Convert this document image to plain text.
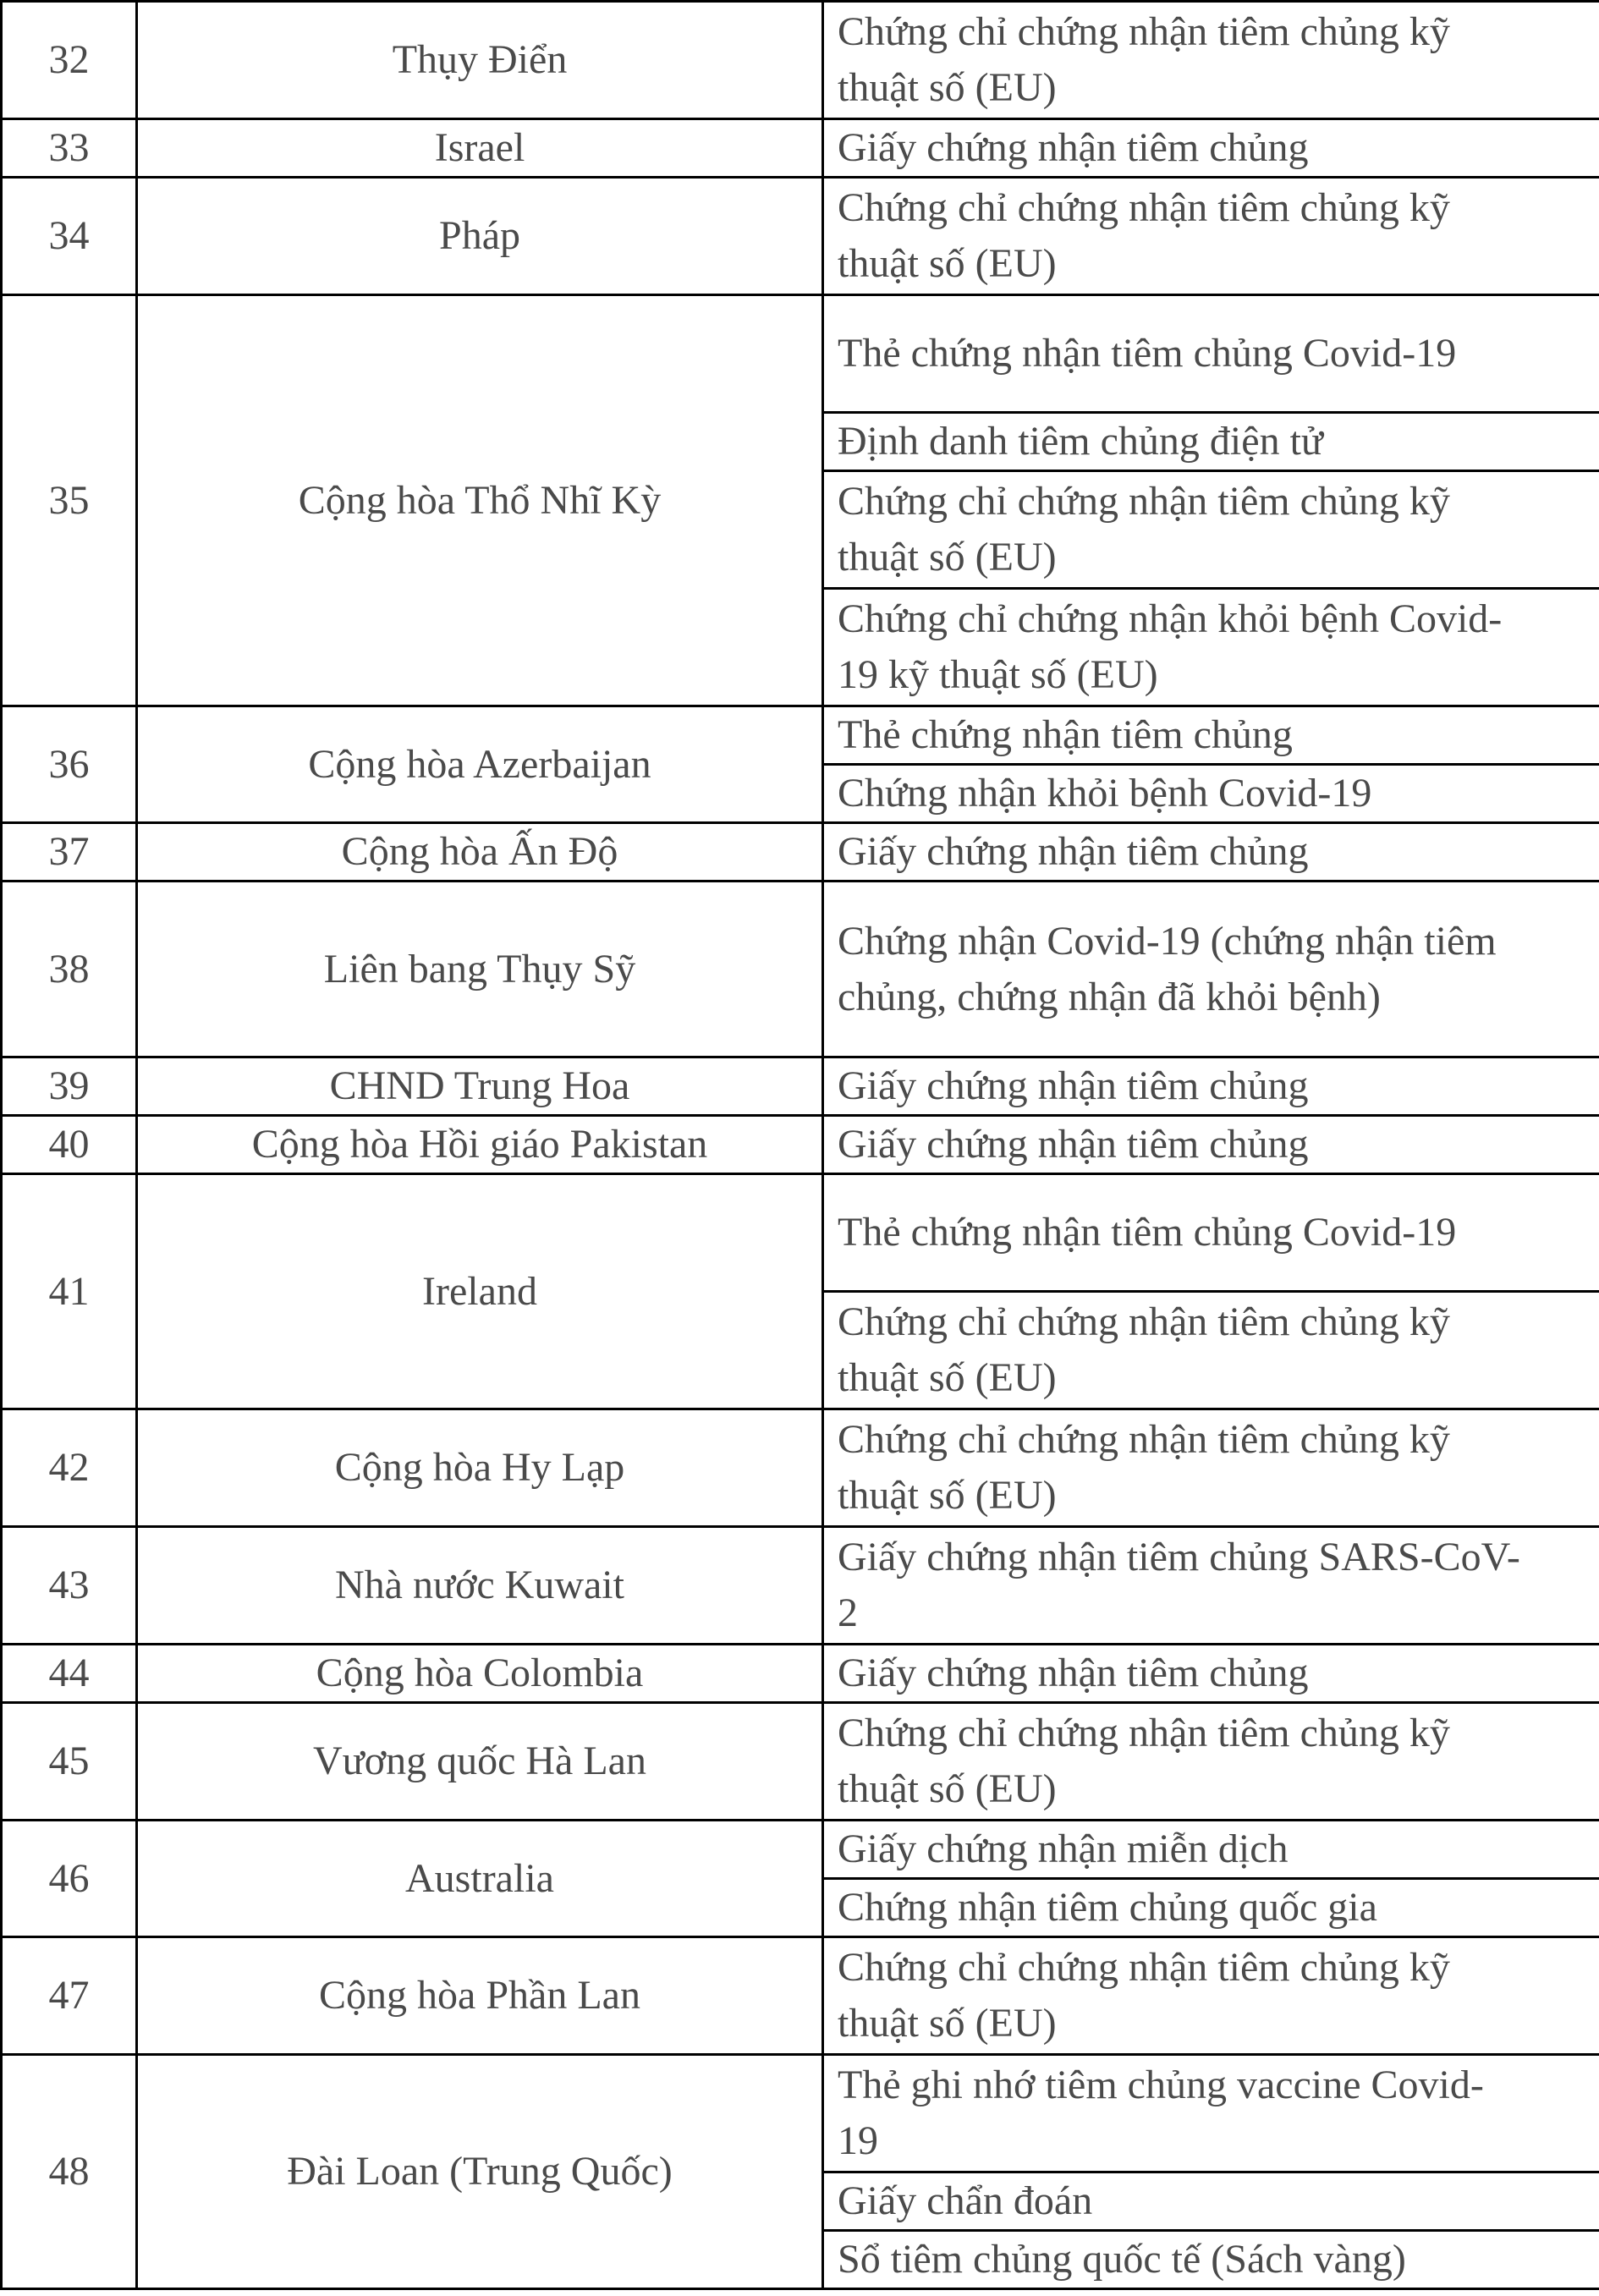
32	Thụy Điển	Chứng chỉ chứng nhận tiêm chủng kỹ
thuật số (EU)
33	Israel	Giấy chứng nhận tiêm chủng
34	Pháp	Chứng chỉ chứng nhận tiêm chủng kỹ
thuật số (EU)
35	Cộng hòa Thổ Nhĩ Kỳ	Thẻ chứng nhận tiêm chủng Covid-19
		Định danh tiêm chủng điện tử
		Chứng chỉ chứng nhận tiêm chủng kỹ
thuật số (EU)
		Chứng chỉ chứng nhận khỏi bệnh Covid-
19 kỹ thuật số (EU)
36	Cộng hòa Azerbaijan	Thẻ chứng nhận tiêm chủng
		Chứng nhận khỏi bệnh Covid-19
37	Cộng hòa Ấn Độ	Giấy chứng nhận tiêm chủng
38	Liên bang Thụy Sỹ	Chứng nhận Covid-19 (chứng nhận tiêm
chủng, chứng nhận đã khỏi bệnh)
39	CHND Trung Hoa	Giấy chứng nhận tiêm chủng
40	Cộng hòa Hồi giáo Pakistan	Giấy chứng nhận tiêm chủng
41	Ireland	Thẻ chứng nhận tiêm chủng Covid-19
		Chứng chỉ chứng nhận tiêm chủng kỹ
thuật số (EU)
42	Cộng hòa Hy Lạp	Chứng chỉ chứng nhận tiêm chủng kỹ
thuật số (EU)
43	Nhà nước Kuwait	Giấy chứng nhận tiêm chủng SARS-CoV-
2
44	Cộng hòa Colombia	Giấy chứng nhận tiêm chủng
45	Vương quốc Hà Lan	Chứng chỉ chứng nhận tiêm chủng kỹ
thuật số (EU)
46	Australia	Giấy chứng nhận miễn dịch
		Chứng nhận tiêm chủng quốc gia
47	Cộng hòa Phần Lan	Chứng chỉ chứng nhận tiêm chủng kỹ
thuật số (EU)
48	Đài Loan (Trung Quốc)	Thẻ ghi nhớ tiêm chủng vaccine Covid-
19
		Giấy chẩn đoán
		Sổ tiêm chủng quốc tế (Sách vàng)
